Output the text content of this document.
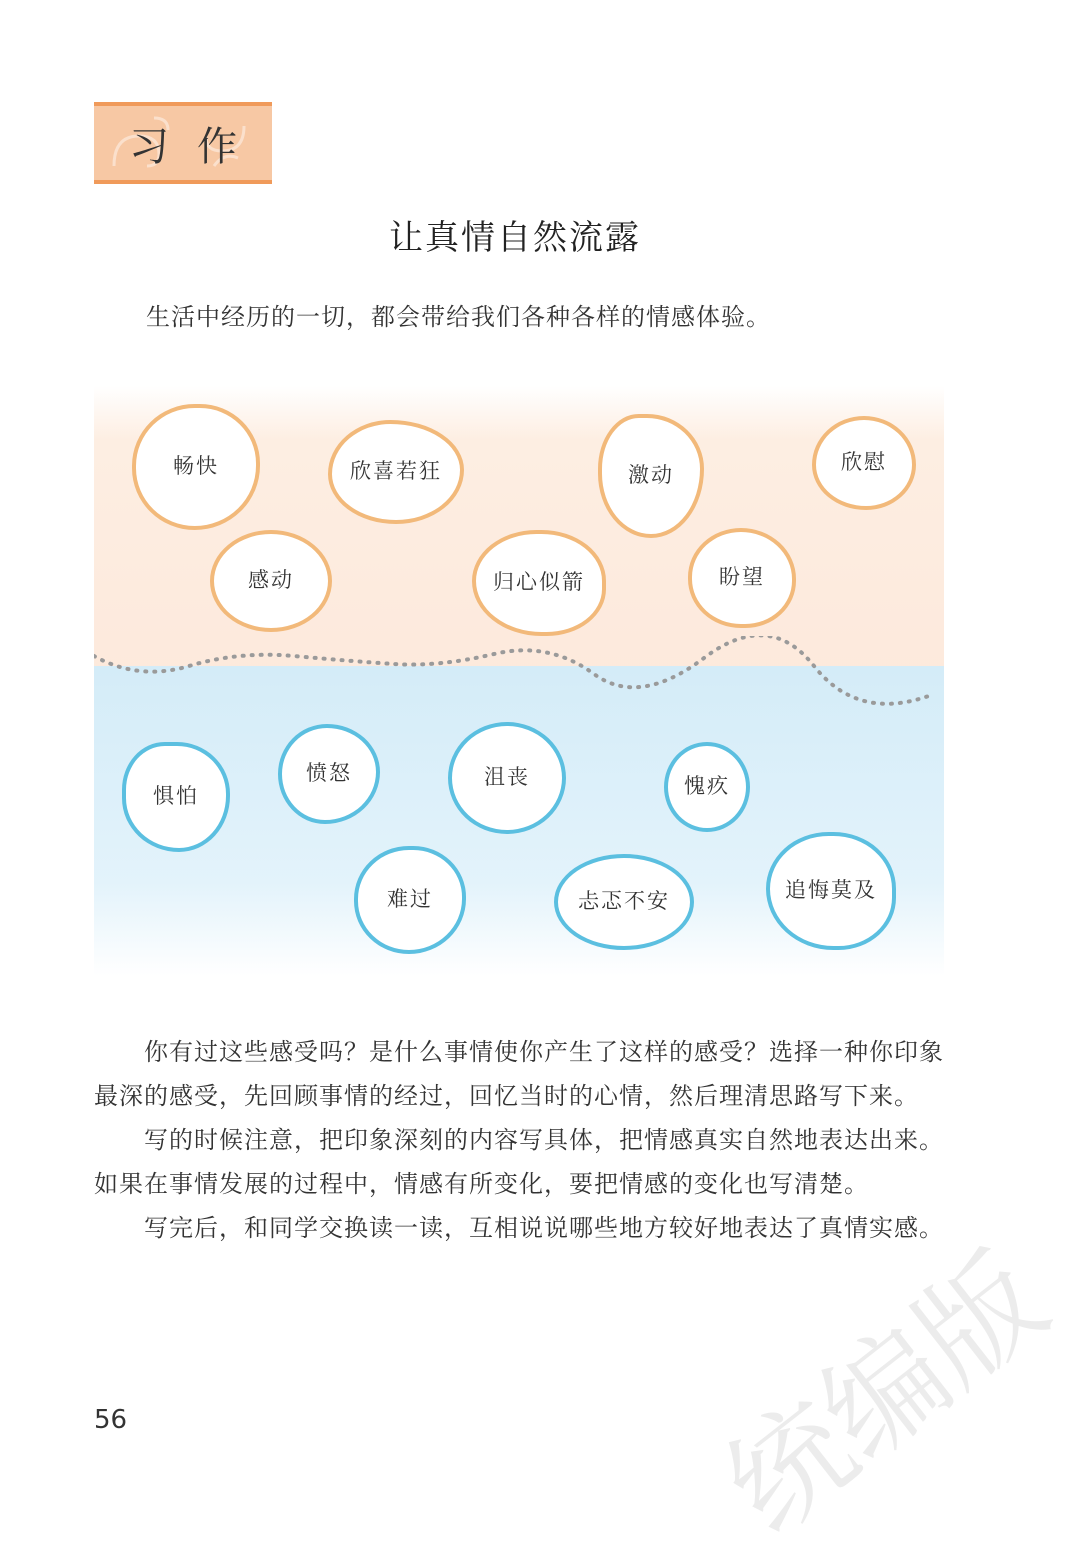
习作
让真情自然流露
生活中经历的一切，都会带给我们各种各样的情感体验。
畅快	欣喜若狂	激动
欣慰
感动	归心似箭	盼望
惧怕
愤怒	沮丧	愧疚
难过	忐忑不安	追悔莫及

你有过这些感受吗？是什么事情使你产生了这样的感受？选择一种你印象最深的感受，先回顾事情的经过，回忆当时的心情，然后理清思路写下来。

写的时候注意，把印象深刻的内容写具体，把情感真实自然地表达出来。如果在事情发展的过程中，情感有所变化，要把情感的变化也写清楚。

写完后，和同学交换读一读，互相说说哪些地方较好地表达了真情实感。

统编版
56
